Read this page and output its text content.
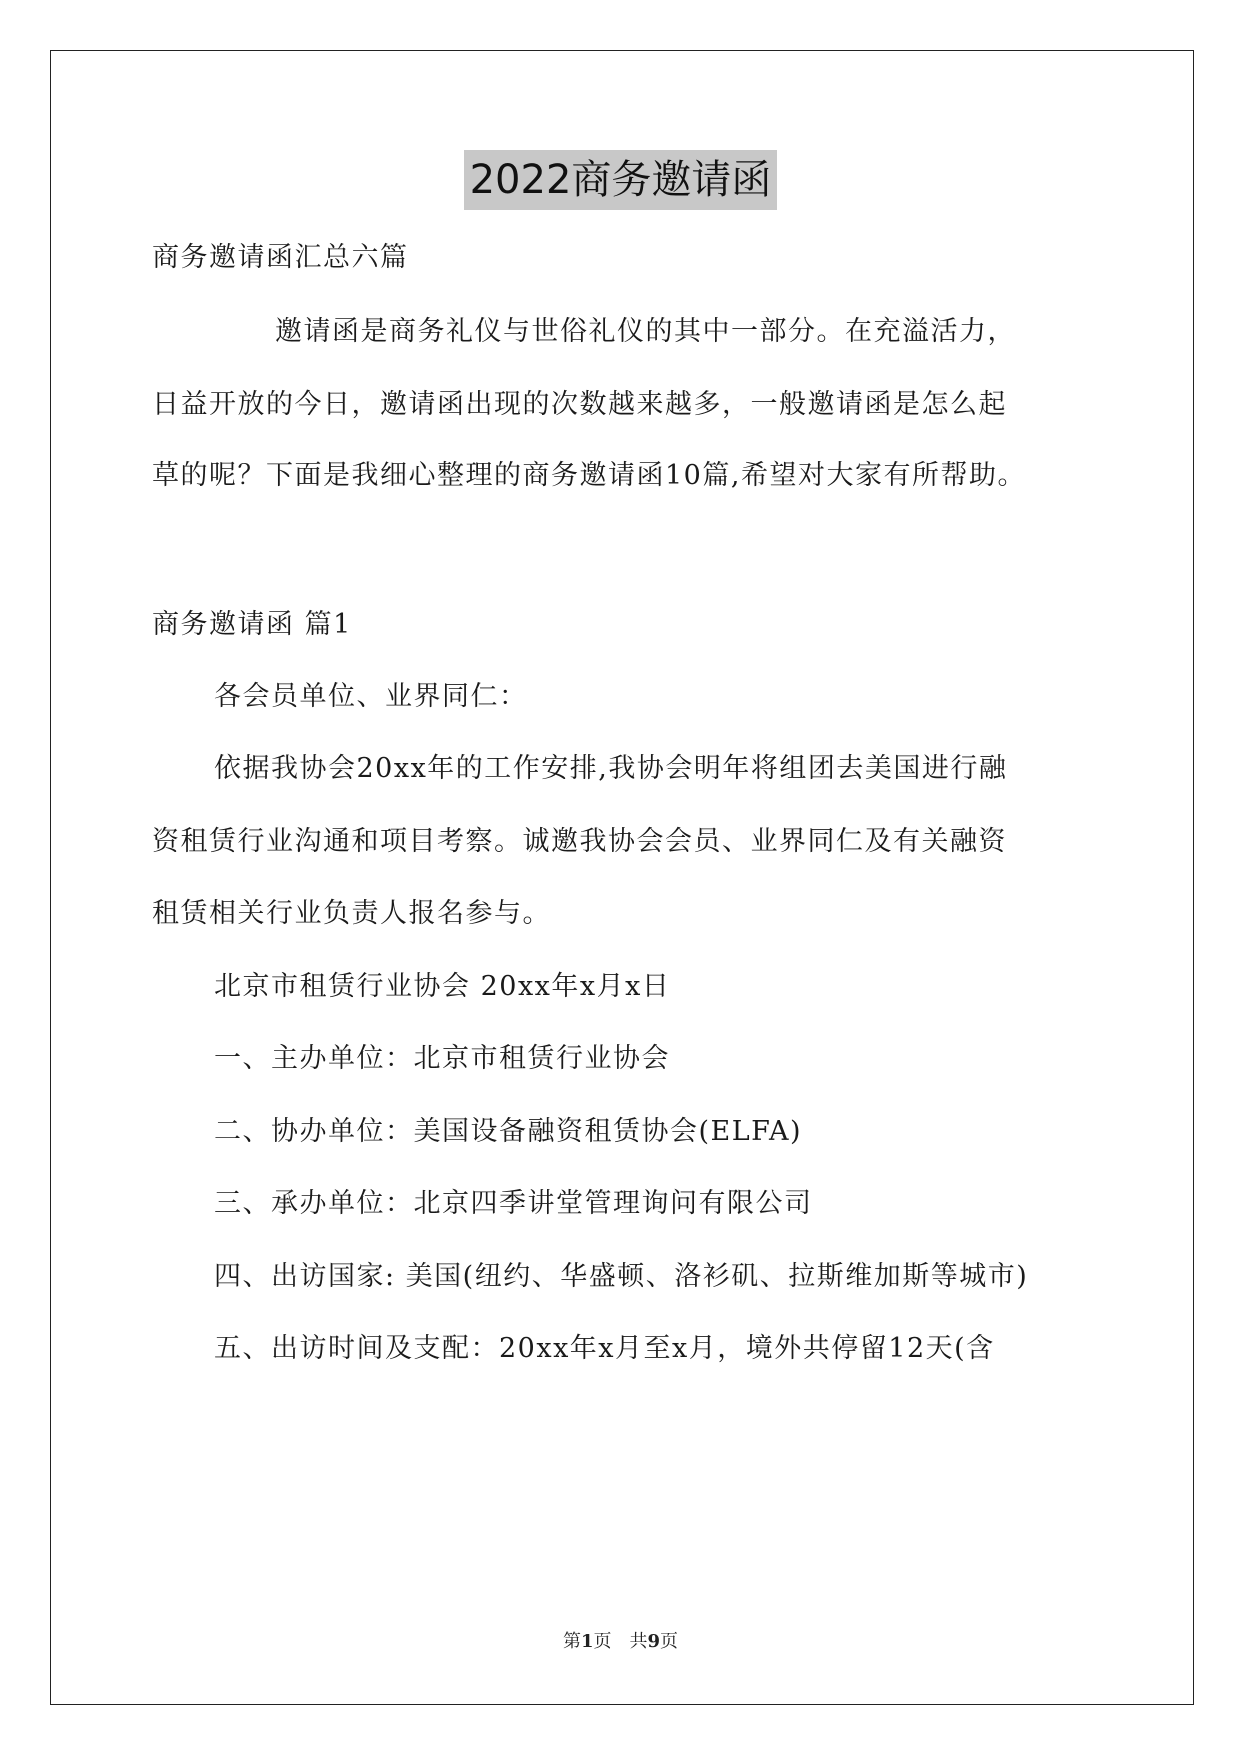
2022商务邀请函
商务邀请函汇总六篇
邀请函是商务礼仪与世俗礼仪的其中一部分。在充溢活力，
日益开放的今日，邀请函出现的次数越来越多，一般邀请函是怎么起
草的呢？下面是我细心整理的商务邀请函10篇,希望对大家有所帮助。
商务邀请函 篇1
各会员单位、业界同仁：
依据我协会20xx年的工作安排,我协会明年将组团去美国进行融
资租赁行业沟通和项目考察。诚邀我协会会员、业界同仁及有关融资
租赁相关行业负责人报名参与。
北京市租赁行业协会 20xx年x月x日
一、主办单位：北京市租赁行业协会
二、协办单位：美国设备融资租赁协会(ELFA)
三、承办单位：北京四季讲堂管理询问有限公司
四、出访国家: 美国(纽约、华盛顿、洛衫矶、拉斯维加斯等城市)
五、出访时间及支配：20xx年x月至x月，境外共停留12天(含
第1页　共9页
